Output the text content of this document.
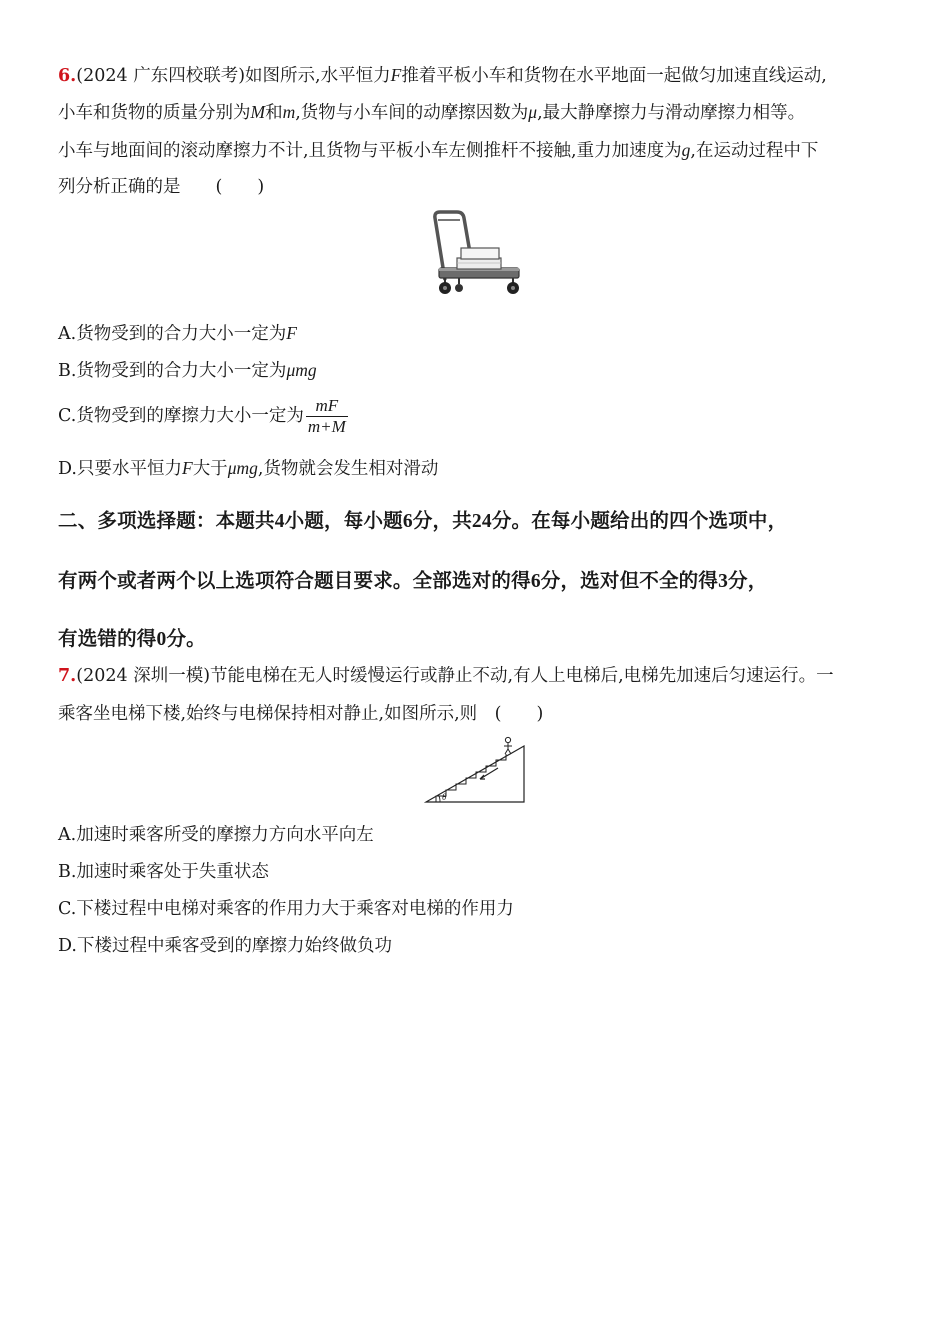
6.(2024 广东四校联考)如图所示,水平恒力F推着平板小车和货物在水平地面一起做匀加速直线运动,
小车和货物的质量分别为M和m,货物与小车间的动摩擦因数为μ,最大静摩擦力与滑动摩擦力相等。
小车与地面间的滚动摩擦力不计,且货物与平板小车左侧推杆不接触,重力加速度为g,在运动过程中下
列分析正确的是　　(　　)
A.货物受到的合力大小一定为F
B.货物受到的合力大小一定为μmg
C.货物受到的摩擦力大小一定为 $\frac{mF}{m+M}$
D.只要水平恒力F大于μmg,货物就会发生相对滑动
二、多项选择题：本题共4小题，每小题6分，共24分。在每小题给出的四个选项中，
有两个或者两个以上选项符合题目要求。全部选对的得6分，选对但不全的得3分，
有选错的得0分。
7.(2024 深圳一模)节能电梯在无人时缓慢运行或静止不动,有人上电梯后,电梯先加速后匀速运行。一
乘客坐电梯下楼,始终与电梯保持相对静止,如图所示,则　(　　)
θ
A.加速时乘客所受的摩擦力方向水平向左
B.加速时乘客处于失重状态
C.下楼过程中电梯对乘客的作用力大于乘客对电梯的作用力
D.下楼过程中乘客受到的摩擦力始终做负功
